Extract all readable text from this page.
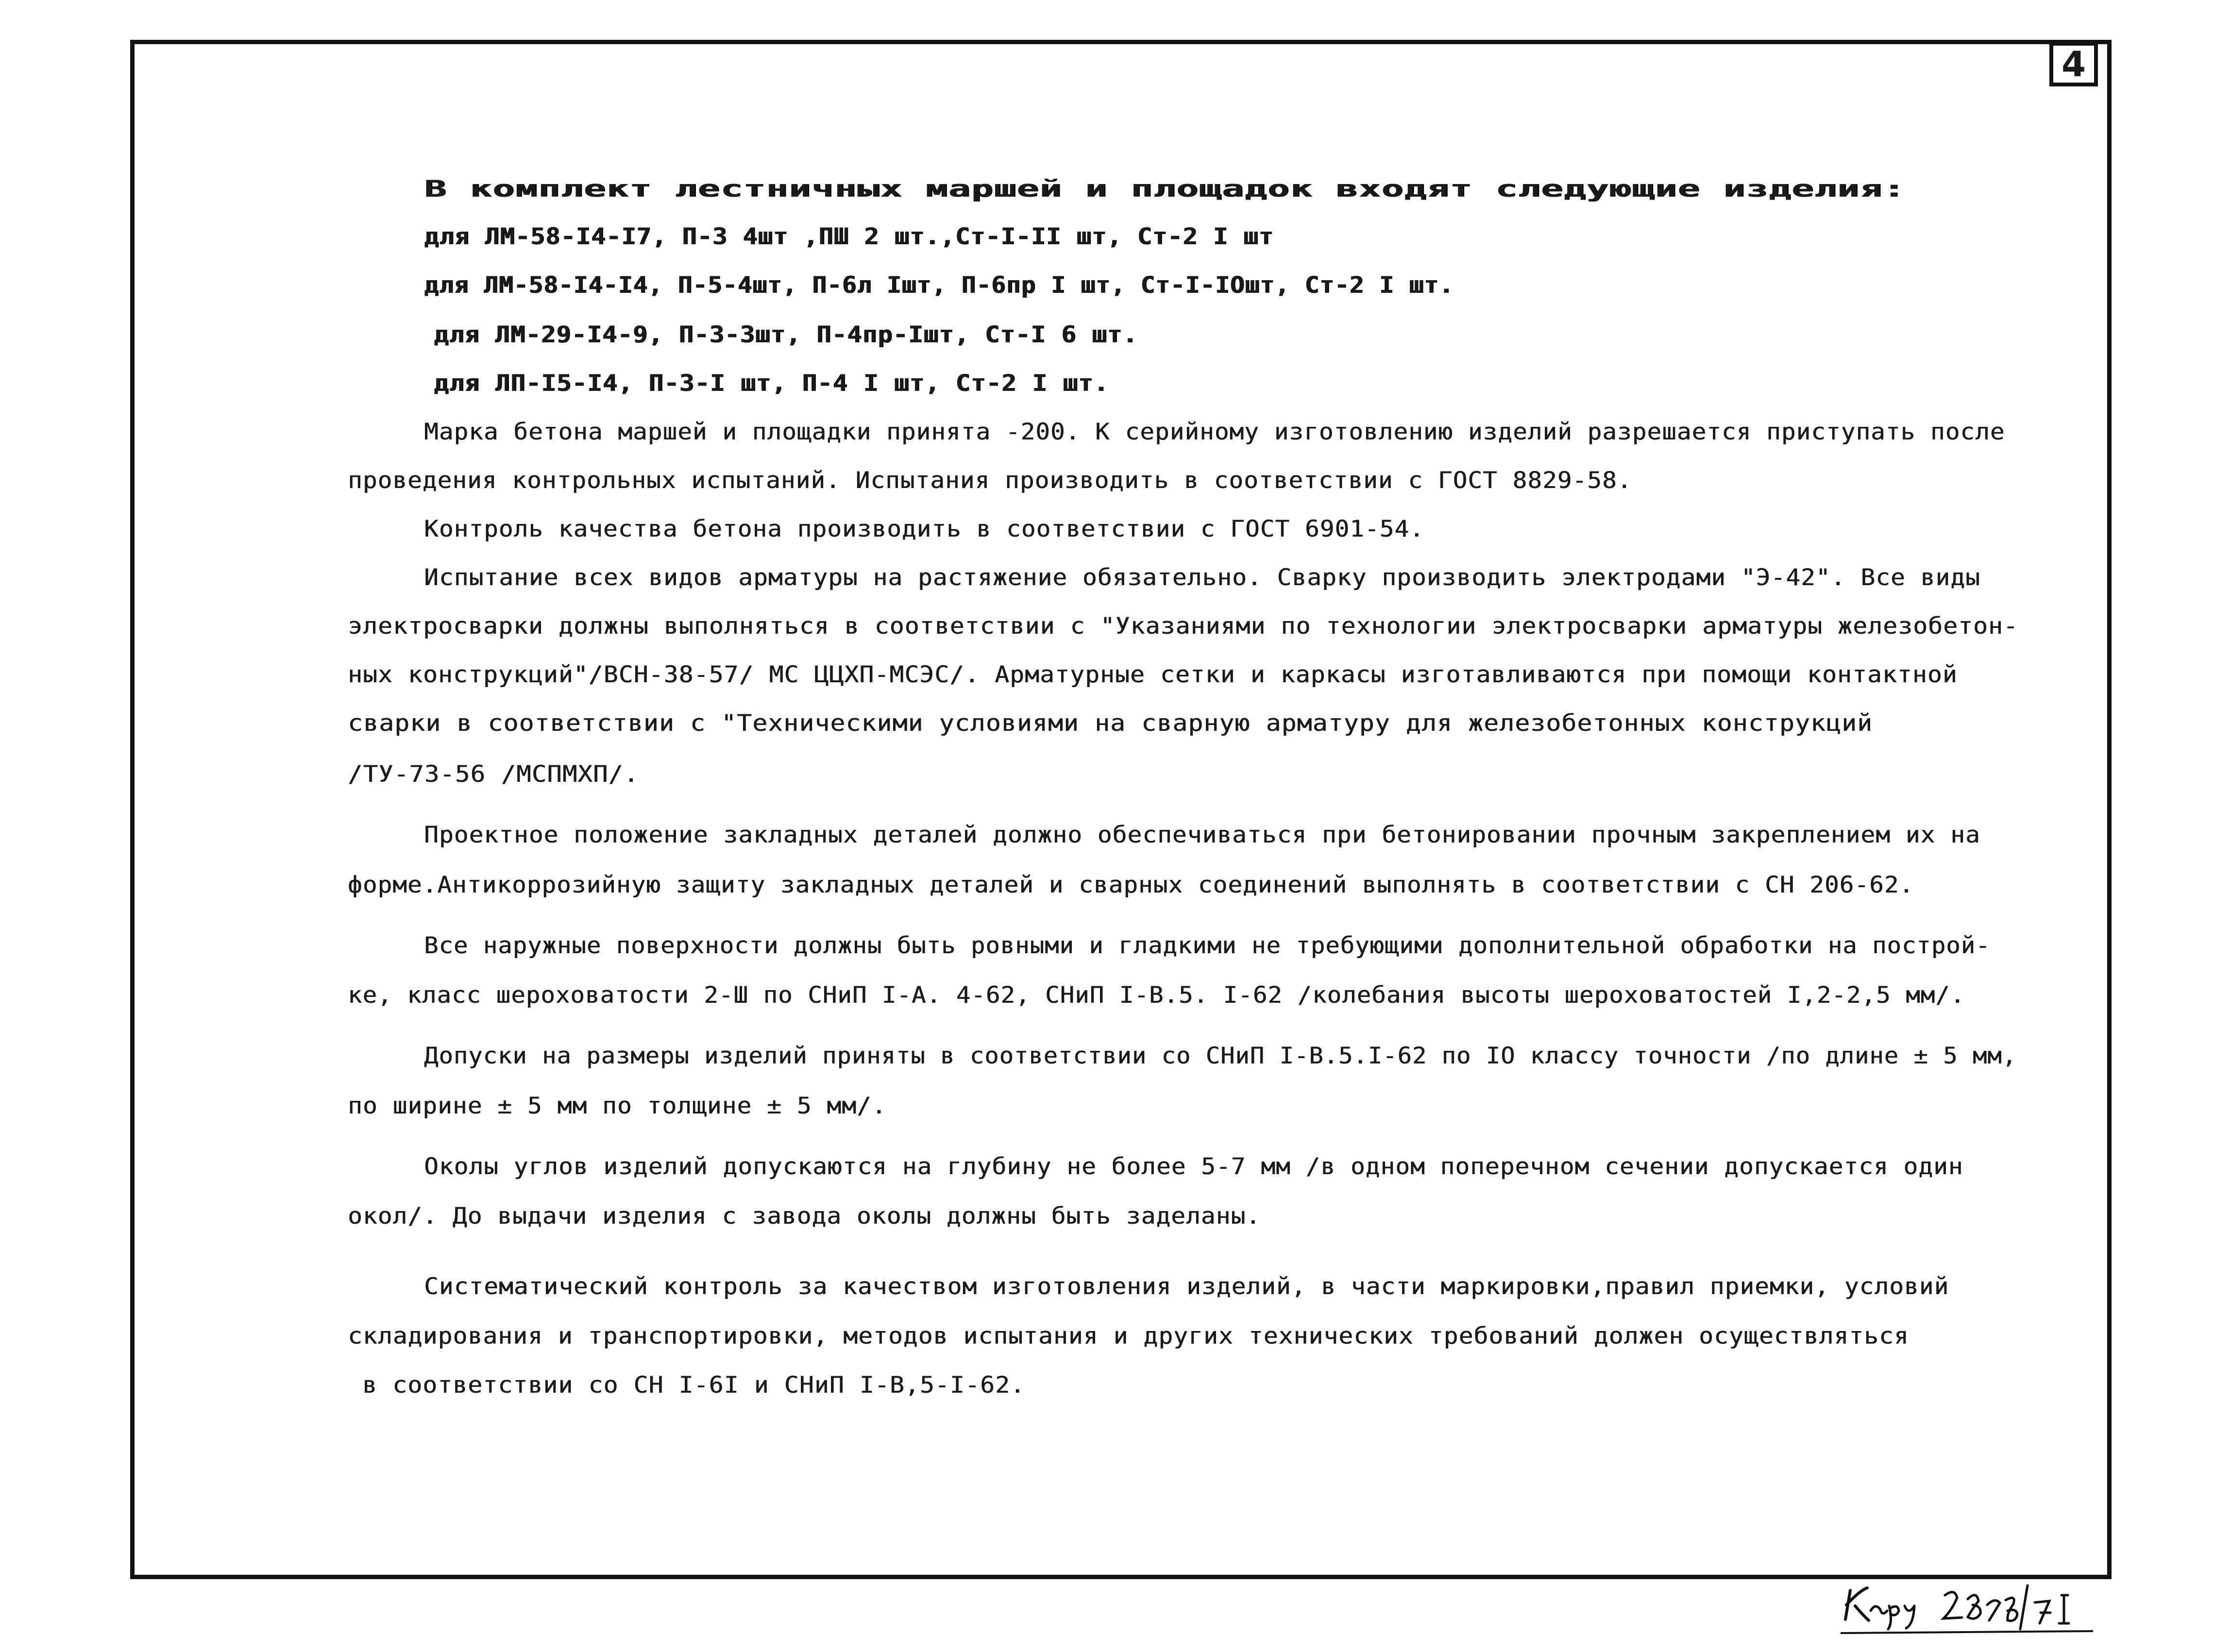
4
В комплект лестничных маршей и площадок входят следующие изделия:
для ЛМ-58-I4-I7, П-3 4шт ,ПШ 2 шт.,Ст-I-II шт, Ст-2 I шт
для ЛМ-58-I4-I4, П-5-4шт, П-6л Iшт, П-6пр I шт, Ст-I-IOшт, Ст-2 I шт.
для ЛМ-29-I4-9, П-3-3шт, П-4пр-Iшт, Ст-I 6 шт.
для ЛП-I5-I4, П-3-I шт, П-4 I шт, Ст-2 I шт.
Марка бетона маршей и площадки принята -200. К серийному изготовлению изделий разрешается приступать после
проведения контрольных испытаний. Испытания производить в соответствии с ГОСТ 8829-58.
Контроль качества бетона производить в соответствии с ГОСТ 6901-54.
Испытание всех видов арматуры на растяжение обязательно. Сварку производить электродами "Э-42". Все виды
электросварки должны выполняться в соответствии с "Указаниями по технологии электросварки арматуры железобетон-
ных конструкций"/ВСН-38-57/ МС ЦЦХП-МСЭС/. Арматурные сетки и каркасы изготавливаются при помощи контактной
сварки в соответствии с "Техническими условиями на сварную арматуру для железобетонных конструкций
/ТУ-73-56 /МСПМХП/.
Проектное положение закладных деталей должно обеспечиваться при бетонировании прочным закреплением их на
форме.Антикоррозийную защиту закладных деталей и сварных соединений выполнять в соответствии с СН 206-62.
Все наружные поверхности должны быть ровными и гладкими не требующими дополнительной обработки на построй-
ке, класс шероховатости 2-Ш по СНиП I-А. 4-62, СНиП I-В.5. I-62 /колебания высоты шероховатостей I,2-2,5 мм/.
Допуски на размеры изделий приняты в соответствии со СНиП I-В.5.I-62 по IO классу точности /по длине ± 5 мм,
по ширине ± 5 мм по толщине ± 5 мм/.
Околы углов изделий допускаются на глубину не более 5-7 мм /в одном поперечном сечении допускается один
окол/. До выдачи изделия с завода околы должны быть заделаны.
Систематический контроль за качеством изготовления изделий, в части маркировки,правил приемки, условий
складирования и транспортировки, методов испытания и других технических требований должен осуществляться
в соответствии со СН I-6I и СНиП I-В,5-I-62.
